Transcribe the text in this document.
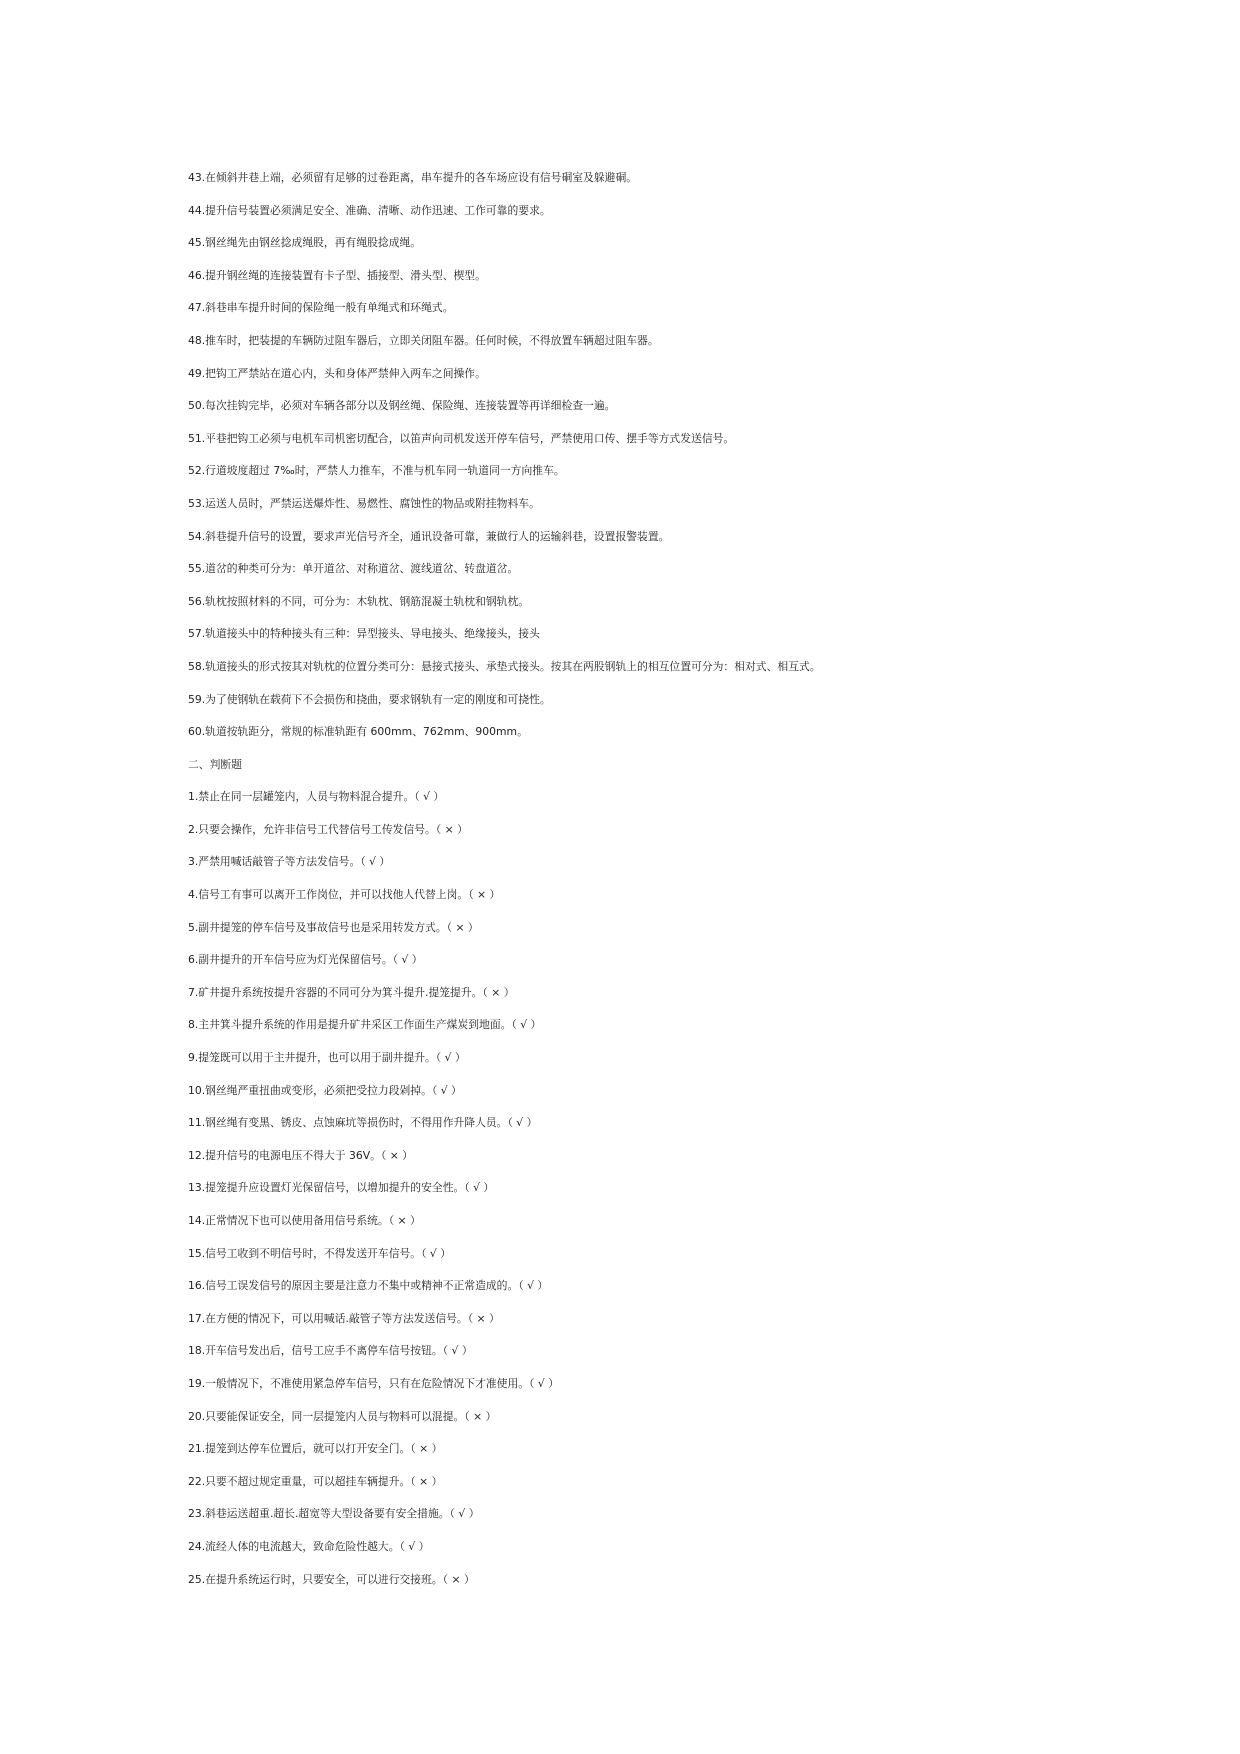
43.在倾斜井巷上端，必须留有足够的过卷距离，串车提升的各车场应设有信号硐室及躲避硐。
44.提升信号装置必须满足安全、准确、清晰、动作迅速、工作可靠的要求。
45.钢丝绳先由钢丝捻成绳股，再有绳股捻成绳。
46.提升钢丝绳的连接装置有卡子型、插接型、滑头型、楔型。
47.斜巷串车提升时间的保险绳一般有单绳式和环绳式。
48.推车时，把装提的车辆防过阻车器后，立即关闭阻车器。任何时候，不得放置车辆超过阻车器。
49.把钩工严禁站在道心内，头和身体严禁伸入两车之间操作。
50.每次挂钩完毕，必须对车辆各部分以及钢丝绳、保险绳、连接装置等再详细检查一遍。
51.平巷把钩工必须与电机车司机密切配合，以笛声向司机发送开停车信号，严禁使用口传、摆手等方式发送信号。
52.行道坡度超过 7‰时，严禁人力推车，不准与机车同一轨道同一方向推车。
53.运送人员时，严禁运送爆炸性、易燃性、腐蚀性的物品或附挂物料车。
54.斜巷提升信号的设置，要求声光信号齐全，通讯设备可靠，兼做行人的运输斜巷，设置报警装置。
55.道岔的种类可分为：单开道岔、对称道岔、渡线道岔、转盘道岔。
56.轨枕按照材料的不同，可分为：木轨枕、钢筋混凝土轨枕和钢轨枕。
57.轨道接头中的特种接头有三种：异型接头、导电接头、绝缘接头，接头
58.轨道接头的形式按其对轨枕的位置分类可分：悬接式接头、承垫式接头。按其在两股钢轨上的相互位置可分为：相对式、相互式。
59.为了使钢轨在载荷下不会损伤和挠曲，要求钢轨有一定的刚度和可挠性。
60.轨道按轨距分，常规的标准轨距有 600mm、762mm、900mm。
二、判断题
1.禁止在同一层罐笼内，人员与物料混合提升。（ √ ）
2.只要会操作，允许非信号工代替信号工传发信号。（ × ）
3.严禁用喊话敲管子等方法发信号。（ √ ）
4.信号工有事可以离开工作岗位，并可以找他人代替上岗。（ × ）
5.副井提笼的停车信号及事故信号也是采用转发方式。（ × ）
6.副井提升的开车信号应为灯光保留信号。（ √ ）
7.矿井提升系统按提升容器的不同可分为箕斗提升.提笼提升。（ × ）
8.主井箕斗提升系统的作用是提升矿井采区工作面生产煤炭到地面。（ √ ）
9.提笼既可以用于主井提升，也可以用于副井提升。（ √ ）
10.钢丝绳严重扭曲或变形，必须把受拉力段剁掉。（ √ ）
11.钢丝绳有变黑、锈皮、点蚀麻坑等损伤时，不得用作升降人员。（ √ ）
12.提升信号的电源电压不得大于 36V。（ × ）
13.提笼提升应设置灯光保留信号，以增加提升的安全性。（ √ ）
14.正常情况下也可以使用备用信号系统。（ × ）
15.信号工收到不明信号时，不得发送开车信号。（ √ ）
16.信号工误发信号的原因主要是注意力不集中或精神不正常造成的。（ √ ）
17.在方便的情况下，可以用喊话.敲管子等方法发送信号。（ × ）
18.开车信号发出后，信号工应手不离停车信号按钮。（ √ ）
19.一般情况下，不准使用紧急停车信号，只有在危险情况下才准使用。（ √ ）
20.只要能保证安全，同一层提笼内人员与物料可以混提。（ × ）
21.提笼到达停车位置后，就可以打开安全门。（ × ）
22.只要不超过规定重量，可以超挂车辆提升。（ × ）
23.斜巷运送超重.超长.超宽等大型设备要有安全措施。（ √ ）
24.流经人体的电流越大，致命危险性越大。（ √ ）
25.在提升系统运行时，只要安全，可以进行交接班。（ × ）
